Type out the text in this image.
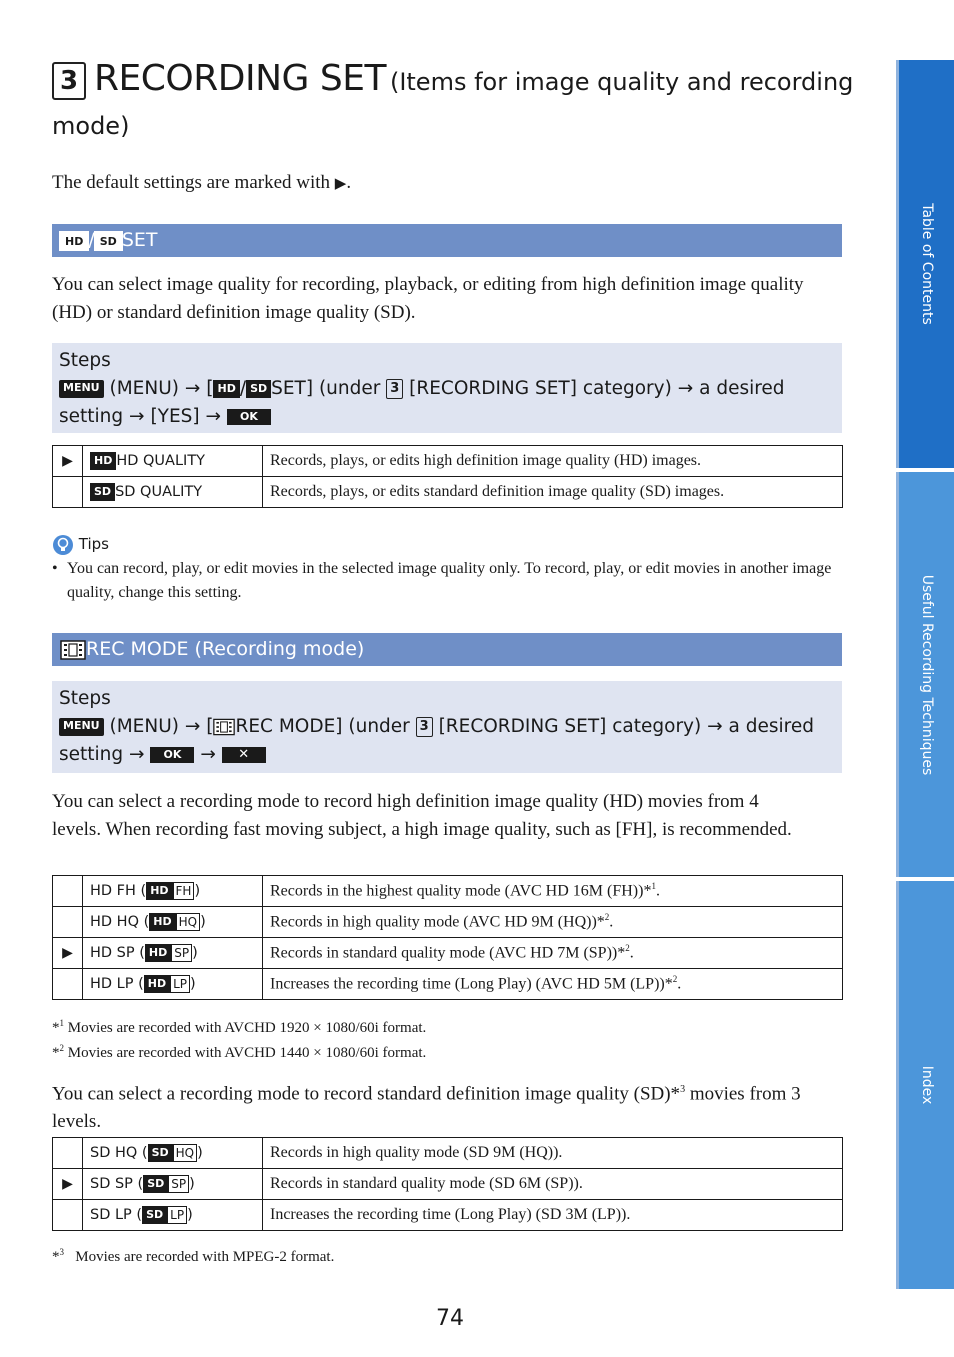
3 RECORDING SET (Items for image quality and recording
mode)
The default settings are marked with ▶.
HD / SD SET
You can select image quality for recording, playback, or editing from high definition image quality (HD) or standard definition image quality (SD).
Steps
MENU (MENU) → [ HD / SD SET] (under 3 [RECORDING SET] category) → a desired
setting → [YES] → OK
▶	HD HD QUALITY	Records, plays, or edits high definition image quality (HD) images.
	SD SD QUALITY	Records, plays, or edits standard definition image quality (SD) images.
Tips
• You can record, play, or edit movies in the selected image quality only. To record, play, or edit movies in another image quality, change this setting.
REC MODE (Recording mode)
Steps
MENU (MENU) → [ REC MODE] (under 3 [RECORDING SET] category) → a desired
setting → OK → ✕
You can select a recording mode to record high definition image quality (HD) movies from 4 levels. When recording fast moving subject, a high image quality, such as [FH], is recommended.
	HD FH ( HD FH )	Records in the highest quality mode (AVC HD 16M (FH))*$^1$.
	HD HQ ( HD HQ )	Records in high quality mode (AVC HD 9M (HQ))*$^2$.
▶	HD SP ( HD SP )	Records in standard quality mode (AVC HD 7M (SP))*$^2$.
	HD LP ( HD LP )	Increases the recording time (Long Play) (AVC HD 5M (LP))*$^2$.
*$^1$ Movies are recorded with AVCHD 1920 × 1080/60i format.
*$^2$ Movies are recorded with AVCHD 1440 × 1080/60i format.
You can select a recording mode to record standard definition image quality (SD)*$^3$ movies from 3 levels.
	SD HQ ( SD HQ )	Records in high quality mode (SD 9M (HQ)).
▶	SD SP ( SD SP )	Records in standard quality mode (SD 6M (SP)).
	SD LP ( SD LP )	Increases the recording time (Long Play) (SD 3M (LP)).
*$^3$ Movies are recorded with MPEG-2 format.
Table of Contents
Useful Recording Techniques
Index
74
